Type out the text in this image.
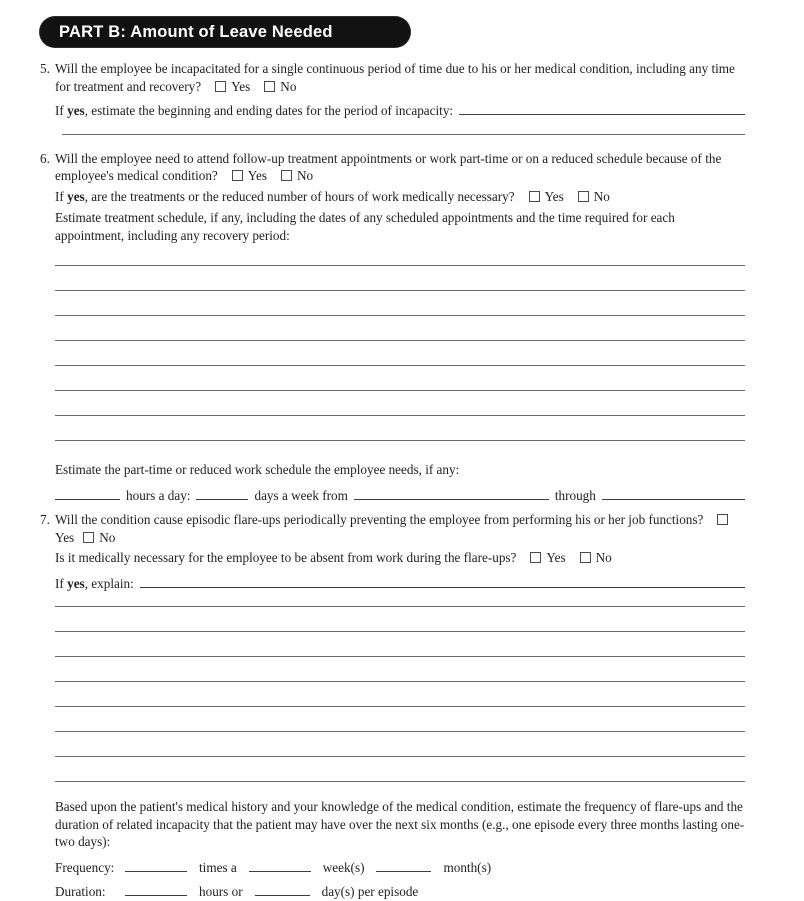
PART B: Amount of Leave Needed
5. Will the employee be incapacitated for a single continuous period of time due to his or her medical condition, including any time for treatment and recovery? Yes No
If yes, estimate the beginning and ending dates for the period of incapacity:
6. Will the employee need to attend follow-up treatment appointments or work part-time or on a reduced schedule because of the employee's medical condition? Yes No
If yes, are the treatments or the reduced number of hours of work medically necessary? Yes No
Estimate treatment schedule, if any, including the dates of any scheduled appointments and the time required for each appointment, including any recovery period:
Estimate the part-time or reduced work schedule the employee needs, if any:
hours a day:	days a week from	through
7. Will the condition cause episodic flare-ups periodically preventing the employee from performing his or her job functions?Yes No
Is it medically necessary for the employee to be absent from work during the flare-ups? Yes No
If yes, explain:
Based upon the patient's medical history and your knowledge of the medical condition, estimate the frequency of flare-ups and the duration of related incapacity that the patient may have over the next six months (e.g., one episode every three months lasting one-two days):
Frequency:	times a	week(s)	month(s)
Duration:	hours or	day(s) per episode
